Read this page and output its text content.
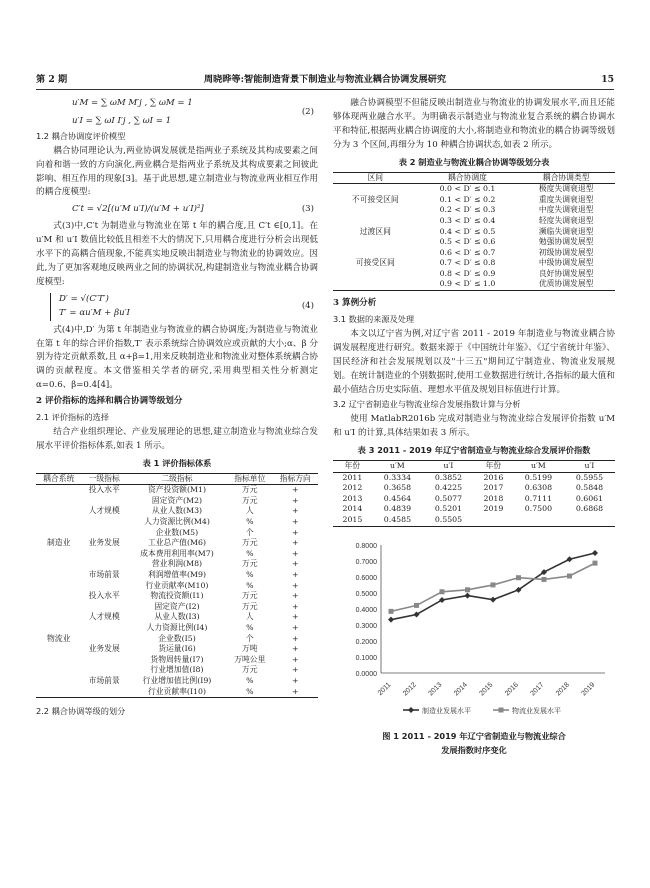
第 2 期	周晓晔等:智能制造背景下制造业与物流业耦合协调发展研究	15
u′M = ∑ ωM M′j , ∑ ωM = 1
u′I = ∑ ωI I′j , ∑ ωI = 1
(2)
1.2 耦合协调度评价模型

耦合协同理论认为,两业协调发展就是指两业子系统及其构成要素之间向着和谐一致的方向演化,两业耦合是指两业子系统及其构成要素之间彼此影响、相互作用的现象[3]。基于此思想,建立制造业与物流业两业相互作用的耦合度模型:

C′t = √2[(u′M u′I)/(u′M + u′I)²]	(3)

式(3)中,C′t 为制造业与物流业在第 t 年的耦合度,且 C′t ∈[0,1]。在 u′M 和 u′I 数值比较低且相差不大的情况下,只用耦合度进行分析会出现低水平下的高耦合值现象,不能真实地反映出制造业与物流业的协调效应。因此,为了更加客观地反映两业之间的协调状况,构建制造业与物流业耦合协调度模型:

D′ = √(C′T′)
T′ = αu′M + βu′I
(4)

式(4)中,D′ 为第 t 年制造业与物流业的耦合协调度;为制造业与物流业在第 t 年的综合评价指数,T′ 表示系统综合协调效应或贡献的大小;α、β 分别为待定贡献系数,且 α+β=1,用来反映制造业和物流业对整体系统耦合协调的贡献程度。本文借鉴相关学者的研究,采用典型相关性分析测定 α=0.6、β=0.4[4]。

2 评价指标的选择和耦合协调等级划分
2.1 评价指标的选择

结合产业组织理论、产业发展理论的思想,建立制造业与物流业综合发展水平评价指标体系,如表 1 所示。

表 1 评价指标体系
耦合系统	一级指标	二级指标	指标单位	指标方向
	投入水平	资产投资额(M1)	万元	+
		固定资产(M2)	万元	+
	人才规模	从业人数(M3)	人	+
		人力资源比例(M4)	%	+
		企业数(M5)	个	+
制造业	业务发展	工业总产值(M6)	万元	+
		成本费用利用率(M7)	%	+
		营业利润(M8)	万元	+
	市场前景	利润增值率(M9)	%	+
		行业贡献率(M10)	%	+
	投入水平	物流投资额(I1)	万元	+
		固定资产(I2)	万元	+
	人才规模	从业人数(I3)	人	+
		人力资源比例(I4)	%	+
物流业		企业数(I5)	个	+
	业务发展	货运量(I6)	万吨	+
		货物周转量(I7)	万吨公里	+
		行业增加值(I8)	万元	+
	市场前景	行业增加值比例(I9)	%	+
		行业贡献率(I10)	%	+
2.2 耦合协调等级的划分

融合协调模型不但能反映出制造业与物流业的协调发展水平,而且还能够体现两业融合水平。为明确表示制造业与物流业复合系统的耦合协调水平和特征,根据两业耦合协调度的大小,将制造业和物流业的耦合协调等级划分为 3 个区间,再细分为 10 种耦合协调状态,如表 2 所示。

表 2 制造业与物流业耦合协调等级划分表
区间	耦合协调度	耦合协调类型
	0.0 < D′ ≤ 0.1	极度失调衰退型
不可接受区间	0.1 < D′ ≤ 0.2	重度失调衰退型
	0.2 < D′ ≤ 0.3	中度失调衰退型
	0.3 < D′ ≤ 0.4	轻度失调衰退型
过渡区间	0.4 < D′ ≤ 0.5	濒临失调衰退型
	0.5 < D′ ≤ 0.6	勉强协调发展型
	0.6 < D′ ≤ 0.7	初级协调发展型
可接受区间	0.7 < D′ ≤ 0.8	中级协调发展型
	0.8 < D′ ≤ 0.9	良好协调发展型
	0.9 < D′ ≤ 1.0	优质协调发展型
3 算例分析
3.1 数据的来源及处理

本文以辽宁省为例,对辽宁省 2011 - 2019 年制造业与物流业耦合协调发展程度进行研究。数据来源于《中国统计年鉴》、《辽宁省统计年鉴》、国民经济和社会发展规划以及"十三五"期间辽宁制造业、物流业发展规划。在统计制造业的个别数据时,使用工业数据进行统计,各指标的最大值和最小值结合历史实际值、理想水平值及规划目标值进行计算。

3.2 辽宁省制造业与物流业综合发展指数计算与分析

使用 MatlabR2016b 完成对制造业与物流业综合发展评价指数 u′M 和 u′I 的计算,具体结果如表 3 所示。

表 3 2011 - 2019 年辽宁省制造业与物流业综合发展评价指数
年份	u′M	u′I	年份	u′M	u′I
2011	0.3334	0.3852	2016	0.5199	0.5955
2012	0.3658	0.4225	2017	0.6308	0.5848
2013	0.4564	0.5077	2018	0.7111	0.6061
2014	0.4839	0.5201	2019	0.7500	0.6868
2015	0.4585	0.5505			
0.8000
0.7000
0.6000
0.5000
0.4000
0.3000
0.2000
0.1000
0.0000
2011 2012 2013 2014 2015 2016 2017 2018 2019
制造业发展水平	物流业发展水平
图 1 2011 - 2019 年辽宁省制造业与物流业综合
发展指数时序变化
